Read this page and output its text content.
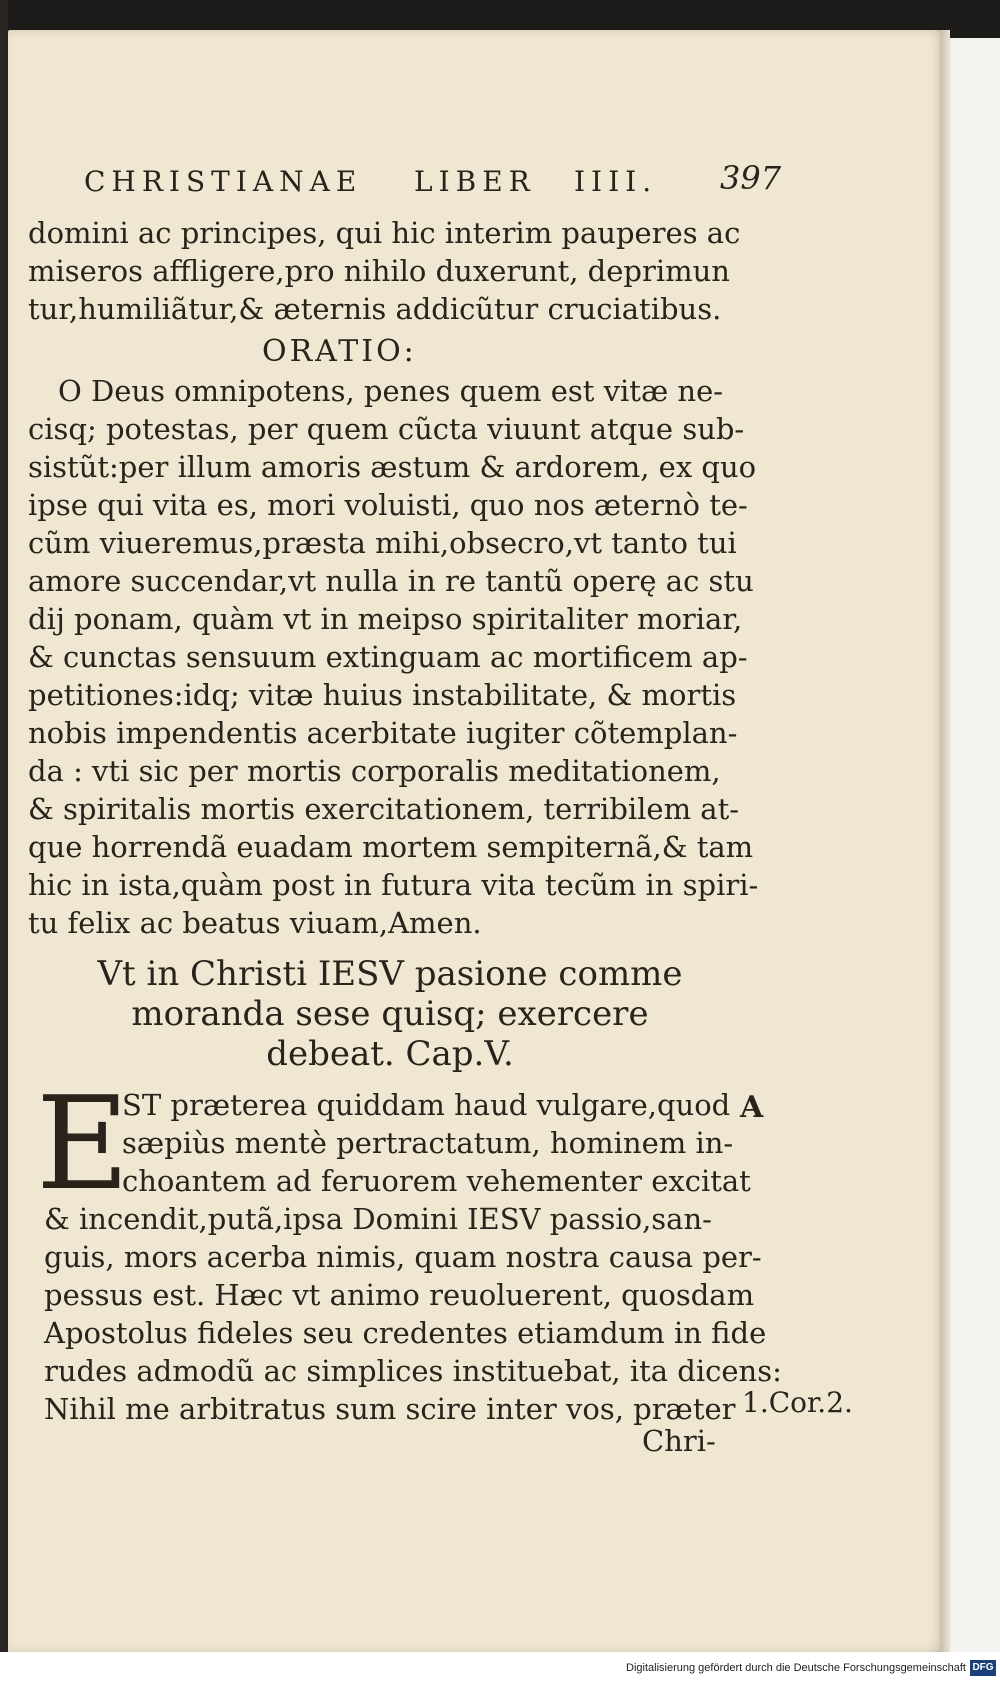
CHRISTIANAE LIBER IIII. 397
domini ac principes, qui hic interim pauperes ac
miseros affligere,pro nihilo duxerunt, deprimun
tur,humiliãtur,& æternis addicũtur cruciatibus.
ORATIO:
O Deus omnipotens, penes quem est vitæ ne-
cisq; potestas, per quem cũcta viuunt atque sub-
sistũt:per illum amoris æstum & ardorem, ex quo
ipse qui vita es, mori voluisti, quo nos æternò te-
cũm viueremus,præsta mihi,obsecro,vt tanto tui
amore succendar,vt nulla in re tantũ operę ac stu
dij ponam, quàm vt in meipso spiritaliter moriar,
& cunctas sensuum extinguam ac mortificem ap-
petitiones:idq; vitæ huius instabilitate, & mortis
nobis impendentis acerbitate iugiter cõtemplan-
da : vti sic per mortis corporalis meditationem,
& spiritalis mortis exercitationem, terribilem at-
que horrendã euadam mortem sempiternã,& tam
hic in ista,quàm post in futura vita tecũm in spiri-
tu felix ac beatus viuam,Amen.
Vt in Christi IESV pasione comme
moranda sese quisq; exercere
debeat. Cap.V.
E
ST præterea quiddam haud vulgare,quod
sæpiùs mentè pertractatum, hominem in-
choantem ad feruorem vehementer excitat
& incendit,putã,ipsa Domini IESV passio,san-
guis, mors acerba nimis, quam nostra causa per-
pessus est. Hæc vt animo reuoluerent, quosdam
Apostolus fideles seu credentes etiamdum in fide
rudes admodũ ac simplices instituebat, ita dicens:
Nihil me arbitratus sum scire inter vos, præter
Chri-
A
1.Cor.2.
Digitalisierung gefördert durch die Deutsche Forschungsgemeinschaft DFG
